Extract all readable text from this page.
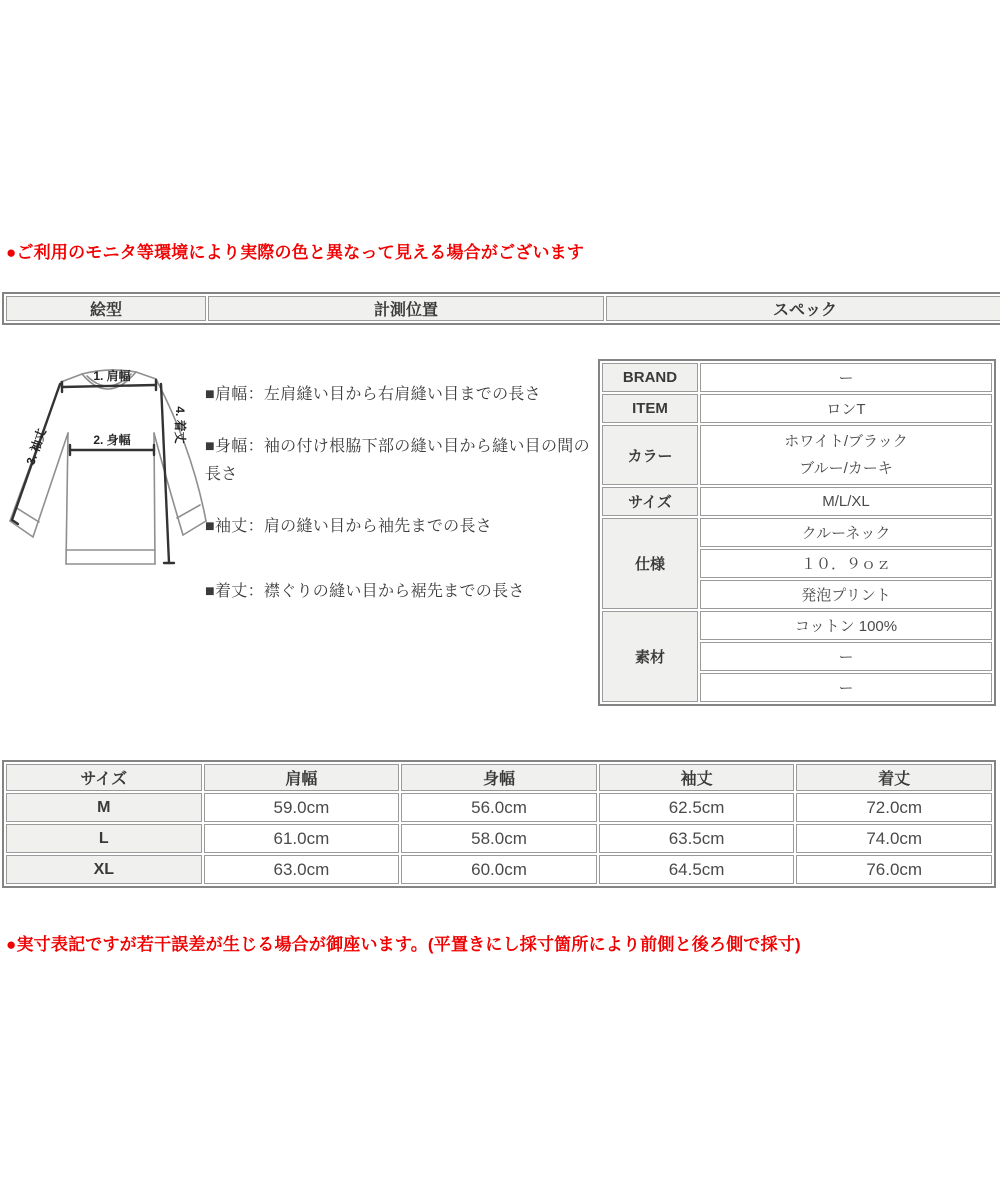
●ご利用のモニタ等環境により実際の色と異なって見える場合がございます
絵型	計測位置	スペック
1. 肩幅
2. 身幅
3. 袖丈
4. 着丈
■肩幅：左肩縫い目から右肩縫い目までの長さ
■身幅：袖の付け根脇下部の縫い目から縫い目の間の長さ
■袖丈：肩の縫い目から袖先までの長さ
■着丈：襟ぐりの縫い目から裾先までの長さ
BRAND	ー
ITEM	ロンT
カラー	ホワイト/ブラック
ブルー/カーキ

サイズ	M/L/XL
仕様	クルーネック
	１０．９ｏｚ
	発泡プリント
素材	コットン 100%
	ー
	ー
サイズ	肩幅	身幅	袖丈	着丈
M	59.0cm	56.0cm	62.5cm	72.0cm
L	61.0cm	58.0cm	63.5cm	74.0cm
XL	63.0cm	60.0cm	64.5cm	76.0cm
●実寸表記ですが若干誤差が生じる場合が御座います。(平置きにし採寸箇所により前側と後ろ側で採寸)
